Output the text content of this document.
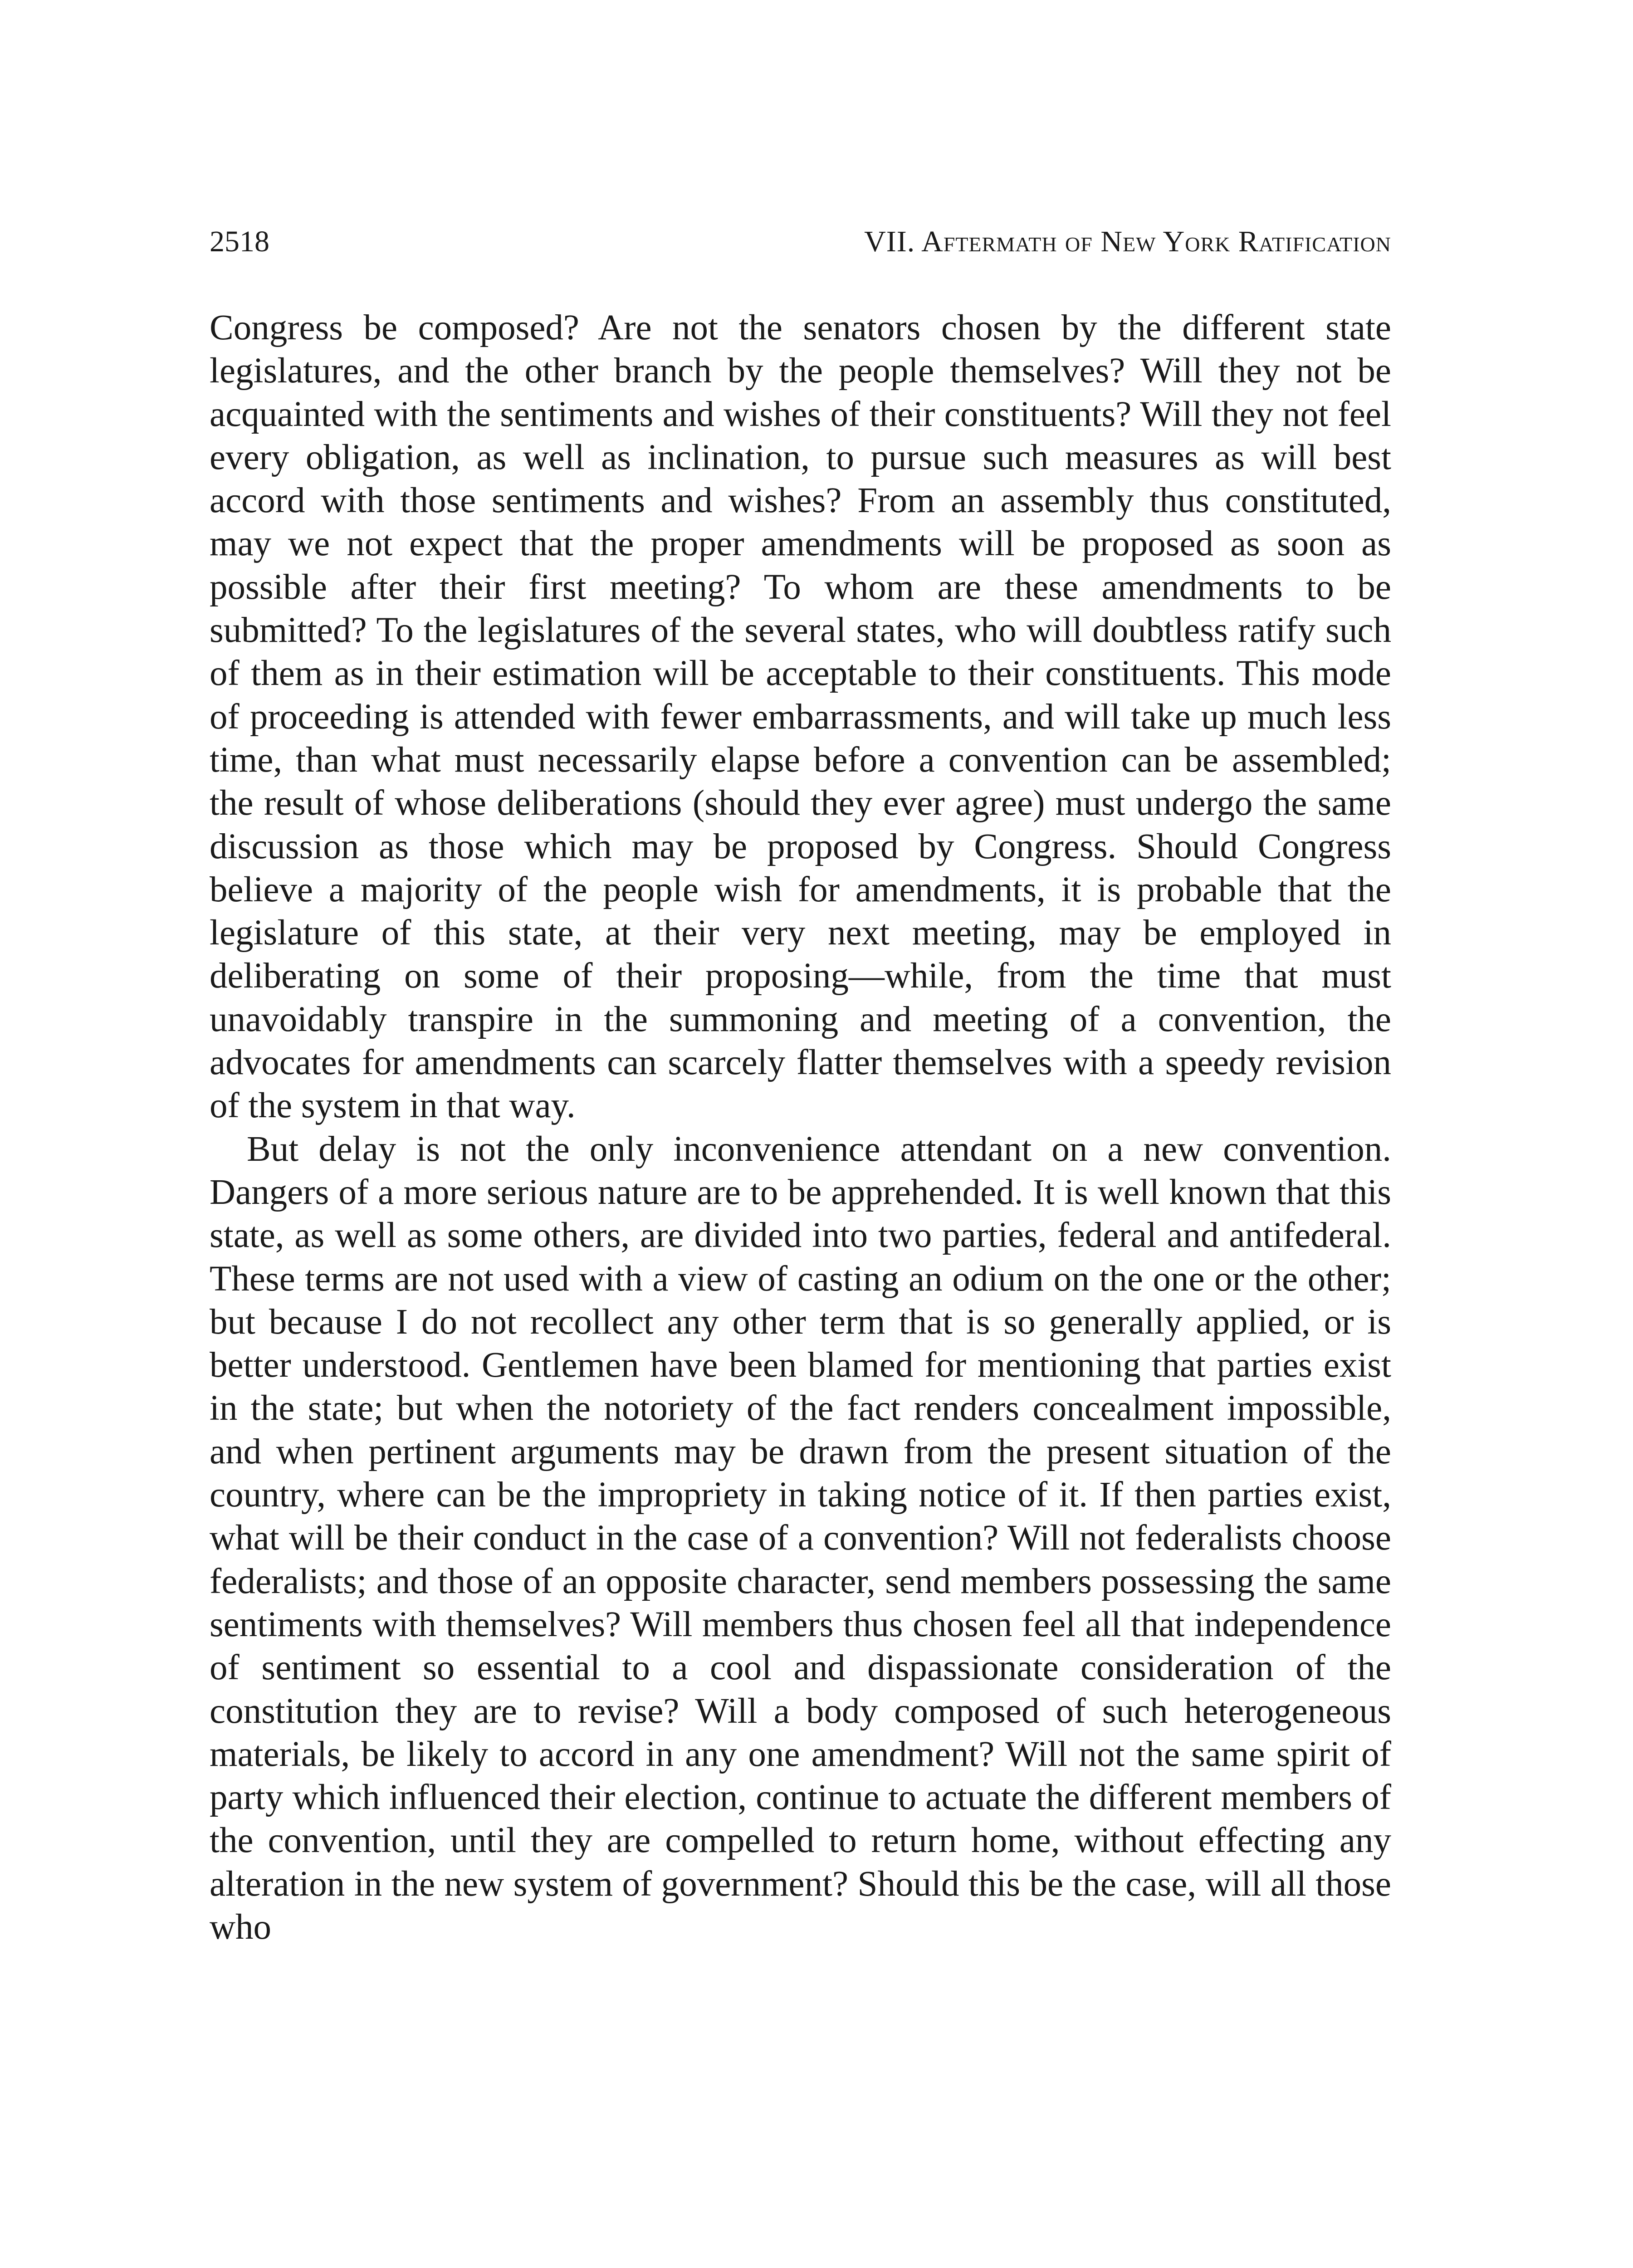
2518	VII. Aftermath of New York Ratification

Congress be composed? Are not the senators chosen by the different state legislatures, and the other branch by the people themselves? Will they not be acquainted with the sentiments and wishes of their constituents? Will they not feel every obligation, as well as inclination, to pursue such measures as will best accord with those sentiments and wishes? From an assembly thus constituted, may we not expect that the proper amendments will be proposed as soon as possible after their first meeting? To whom are these amendments to be submitted? To the legislatures of the several states, who will doubtless ratify such of them as in their estimation will be acceptable to their constituents. This mode of proceeding is attended with fewer embarrassments, and will take up much less time, than what must necessarily elapse before a convention can be assembled; the result of whose deliberations (should they ever agree) must undergo the same discussion as those which may be proposed by Congress. Should Congress believe a majority of the people wish for amendments, it is probable that the legislature of this state, at their very next meeting, may be employed in deliberating on some of their proposing—while, from the time that must unavoidably transpire in the summoning and meeting of a convention, the advocates for amendments can scarcely flatter themselves with a speedy revision of the system in that way.

But delay is not the only inconvenience attendant on a new convention. Dangers of a more serious nature are to be apprehended. It is well known that this state, as well as some others, are divided into two parties, federal and antifederal. These terms are not used with a view of casting an odium on the one or the other; but because I do not recollect any other term that is so generally applied, or is better understood. Gentlemen have been blamed for mentioning that parties exist in the state; but when the notoriety of the fact renders concealment impossible, and when pertinent arguments may be drawn from the present situation of the country, where can be the impropriety in taking notice of it. If then parties exist, what will be their conduct in the case of a convention? Will not federalists choose federalists; and those of an opposite character, send members possessing the same sentiments with themselves? Will members thus chosen feel all that independence of sentiment so essential to a cool and dispassionate consideration of the constitution they are to revise? Will a body composed of such heterogeneous materials, be likely to accord in any one amendment? Will not the same spirit of party which influenced their election, continue to actuate the different members of the convention, until they are compelled to return home, without effecting any alteration in the new system of government? Should this be the case, will all those who
